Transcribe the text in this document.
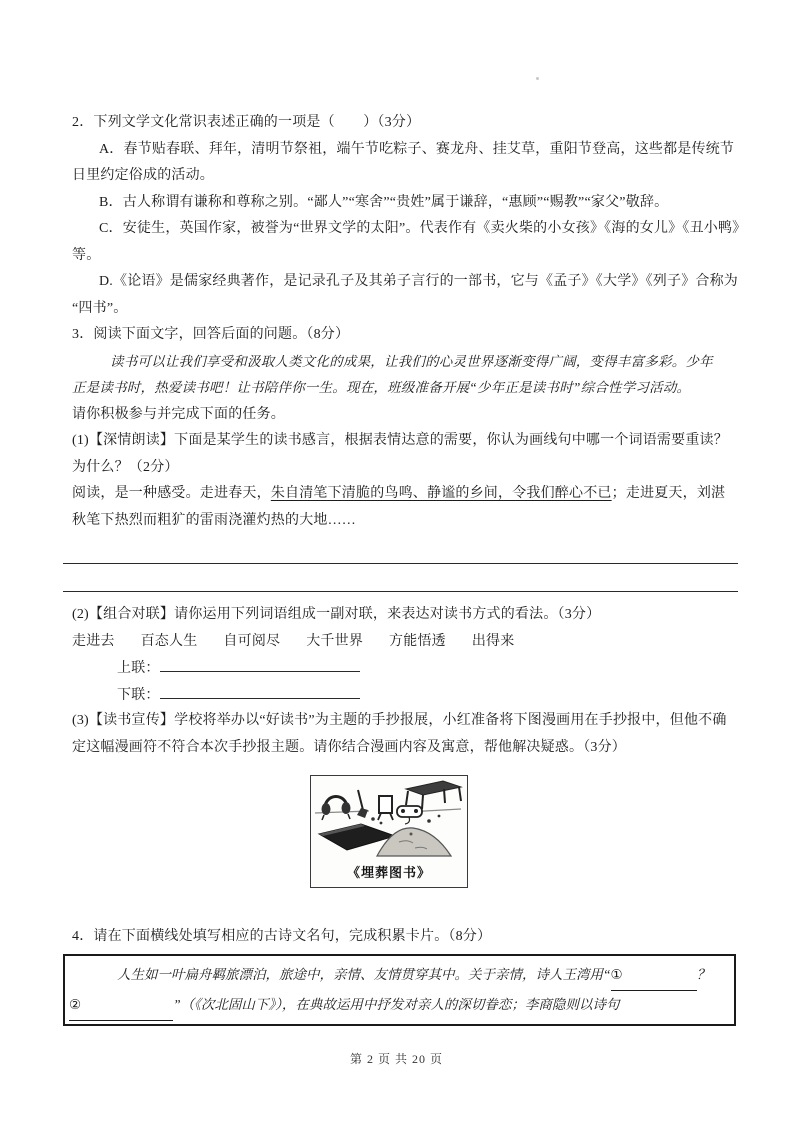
2．下列文学文化常识表述正确的一项是（　　）（3分）
A．春节贴春联、拜年，清明节祭祖，端午节吃粽子、赛龙舟、挂艾草，重阳节登高，这些都是传统节
日里约定俗成的活动。
B．古人称谓有谦称和尊称之别。“鄙人”“寒舍”“贵姓”属于谦辞，“惠顾”“赐教”“家父”敬辞。
C．安徒生，英国作家，被誉为“世界文学的太阳”。代表作有《卖火柴的小女孩》《海的女儿》《丑小鸭》
等。
D.《论语》是儒家经典著作，是记录孔子及其弟子言行的一部书，它与《孟子》《大学》《列子》合称为
“四书”。
3．阅读下面文字，回答后面的问题。（8分）
读书可以让我们享受和汲取人类文化的成果，让我们的心灵世界逐渐变得广阔，变得丰富多彩。少年
正是读书时，热爱读书吧！让书陪伴你一生。现在，班级准备开展“少年正是读书时”综合性学习活动。
请你积极参与并完成下面的任务。
(1)【深情朗读】下面是某学生的读书感言，根据表情达意的需要，你认为画线句中哪一个词语需要重读？
为什么？（2分）
阅读，是一种感受。走进春天，朱自清笔下清脆的鸟鸣、静谧的乡间，令我们醉心不已；走进夏天，刘湛
秋笔下热烈而粗犷的雷雨浇灌灼热的大地……
(2)【组合对联】请你运用下列词语组成一副对联，来表达对读书方式的看法。（3分）
走进去 百态人生 自可阅尽 大千世界 方能悟透 出得来
上联：
下联：
(3)【读书宣传】学校将举办以“好读书”为主题的手抄报展，小红准备将下图漫画用在手抄报中，但他不确
定这幅漫画符不符合本次手抄报主题。请你结合漫画内容及寓意，帮他解决疑惑。（3分）
《埋葬图书》
4．请在下面横线处填写相应的古诗文名句，完成积累卡片。（8分）
人生如一叶扁舟羁旅漂泊，旅途中，亲情、友情贯穿其中。关于亲情，诗人王湾用“①	？
②	”（《次北固山下》），在典故运用中抒发对亲人的深切眷恋；李商隐则以诗句
第 2 页 共 20 页
